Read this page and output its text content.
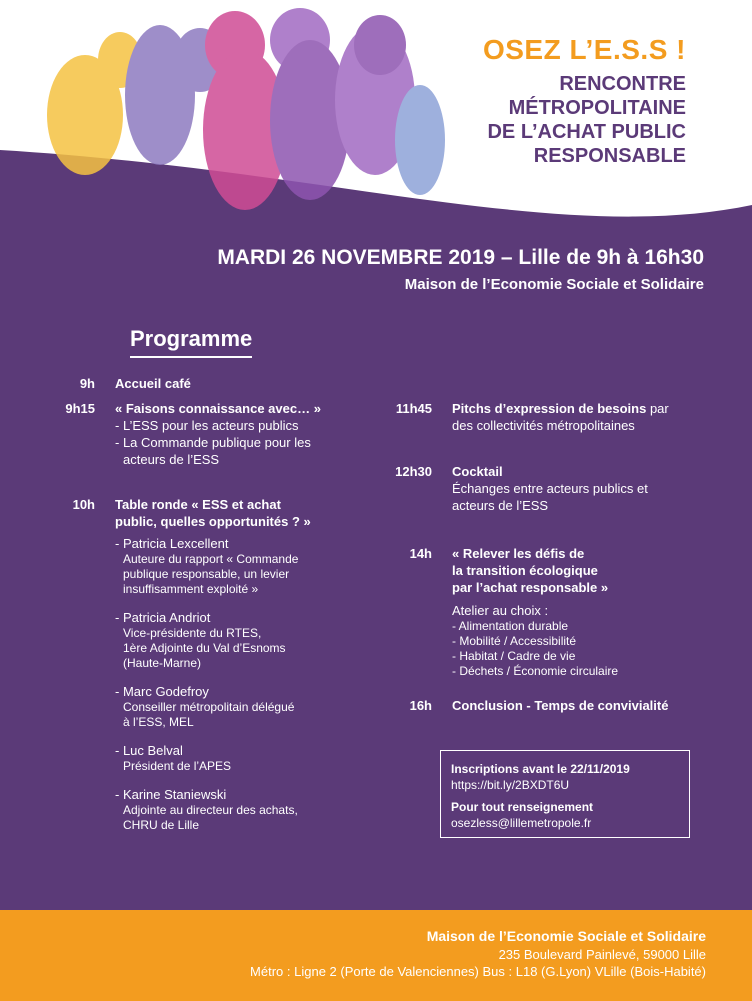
OSEZ L’E.S.S !
RENCONTRE
MÉTROPOLITAINE
DE L’ACHAT PUBLIC
RESPONSABLE
MARDI 26 NOVEMBRE 2019 – Lille de 9h à 16h30
Maison de l’Economie Sociale et Solidaire
Programme
9h Accueil café
9h15 « Faisons connaissance avec… »
- L’ESS pour les acteurs publics
- La Commande publique pour les
acteurs de l’ESS
10h Table ronde « ESS et achat
public, quelles opportunités ? »
- Patricia Lexcellent
Auteure du rapport « Commande
publique responsable, un levier
insuffisamment exploité »
- Patricia Andriot
Vice-présidente du RTES,
1ère Adjointe du Val d’Esnoms
(Haute-Marne)
- Marc Godefroy
Conseiller métropolitain délégué
à l’ESS, MEL
- Luc Belval
Président de l’APES
- Karine Staniewski
Adjointe au directeur des achats,
CHRU de Lille
11h45 Pitchs d’expression de besoins par
des collectivités métropolitaines
12h30 Cocktail
Échanges entre acteurs publics et
acteurs de l’ESS
14h « Relever les défis de
la transition écologique
par l’achat responsable »
Atelier au choix :
- Alimentation durable
- Mobilité / Accessibilité
- Habitat / Cadre de vie
- Déchets / Économie circulaire
16h Conclusion - Temps de convivialité
Inscriptions avant le 22/11/2019
https://bit.ly/2BXDT6U
Pour tout renseignement
osezless@lillemetropole.fr
Maison de l’Economie Sociale et Solidaire
235 Boulevard Painlevé, 59000 Lille
Métro : Ligne 2 (Porte de Valenciennes) Bus : L18 (G.Lyon) VLille (Bois-Habité)
